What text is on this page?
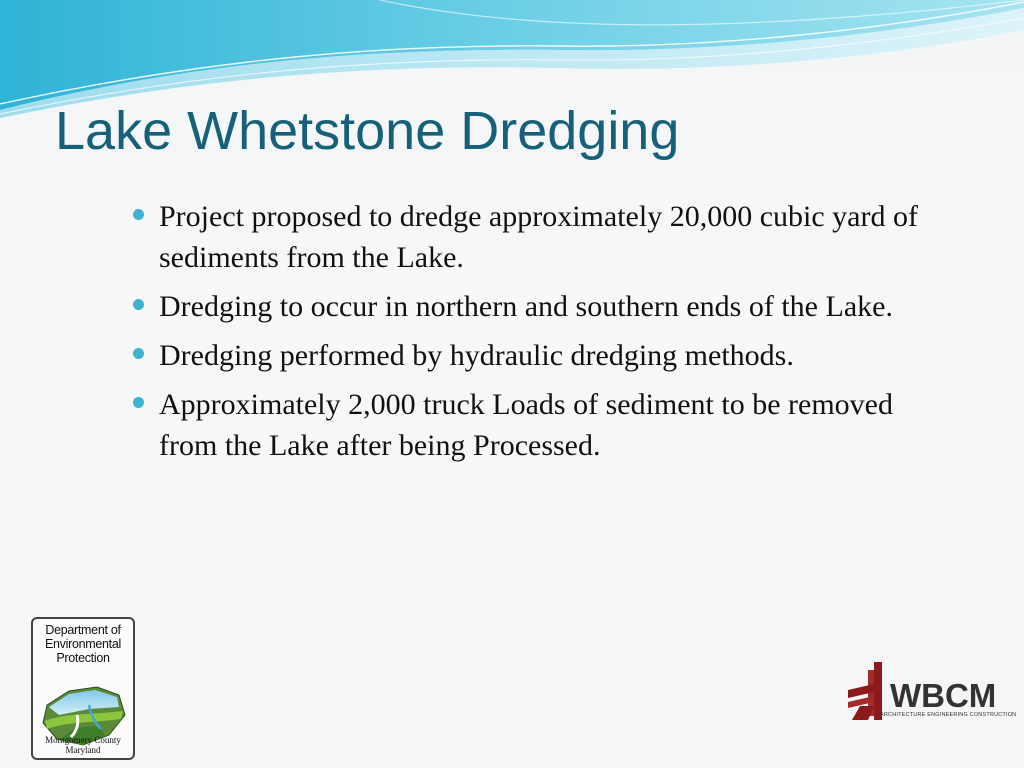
Lake Whetstone Dredging
Project proposed to dredge approximately 20,000 cubic yard of sediments from the Lake.
Dredging to occur in northern and southern ends of the Lake.
Dredging performed by hydraulic dredging methods.
Approximately 2,000 truck Loads of sediment to be removed from the Lake after being Processed.
Department of
Environmental
Protection
Montgomery County
Maryland
WBCM
ARCHITECTURE ENGINEERING CONSTRUCTION
